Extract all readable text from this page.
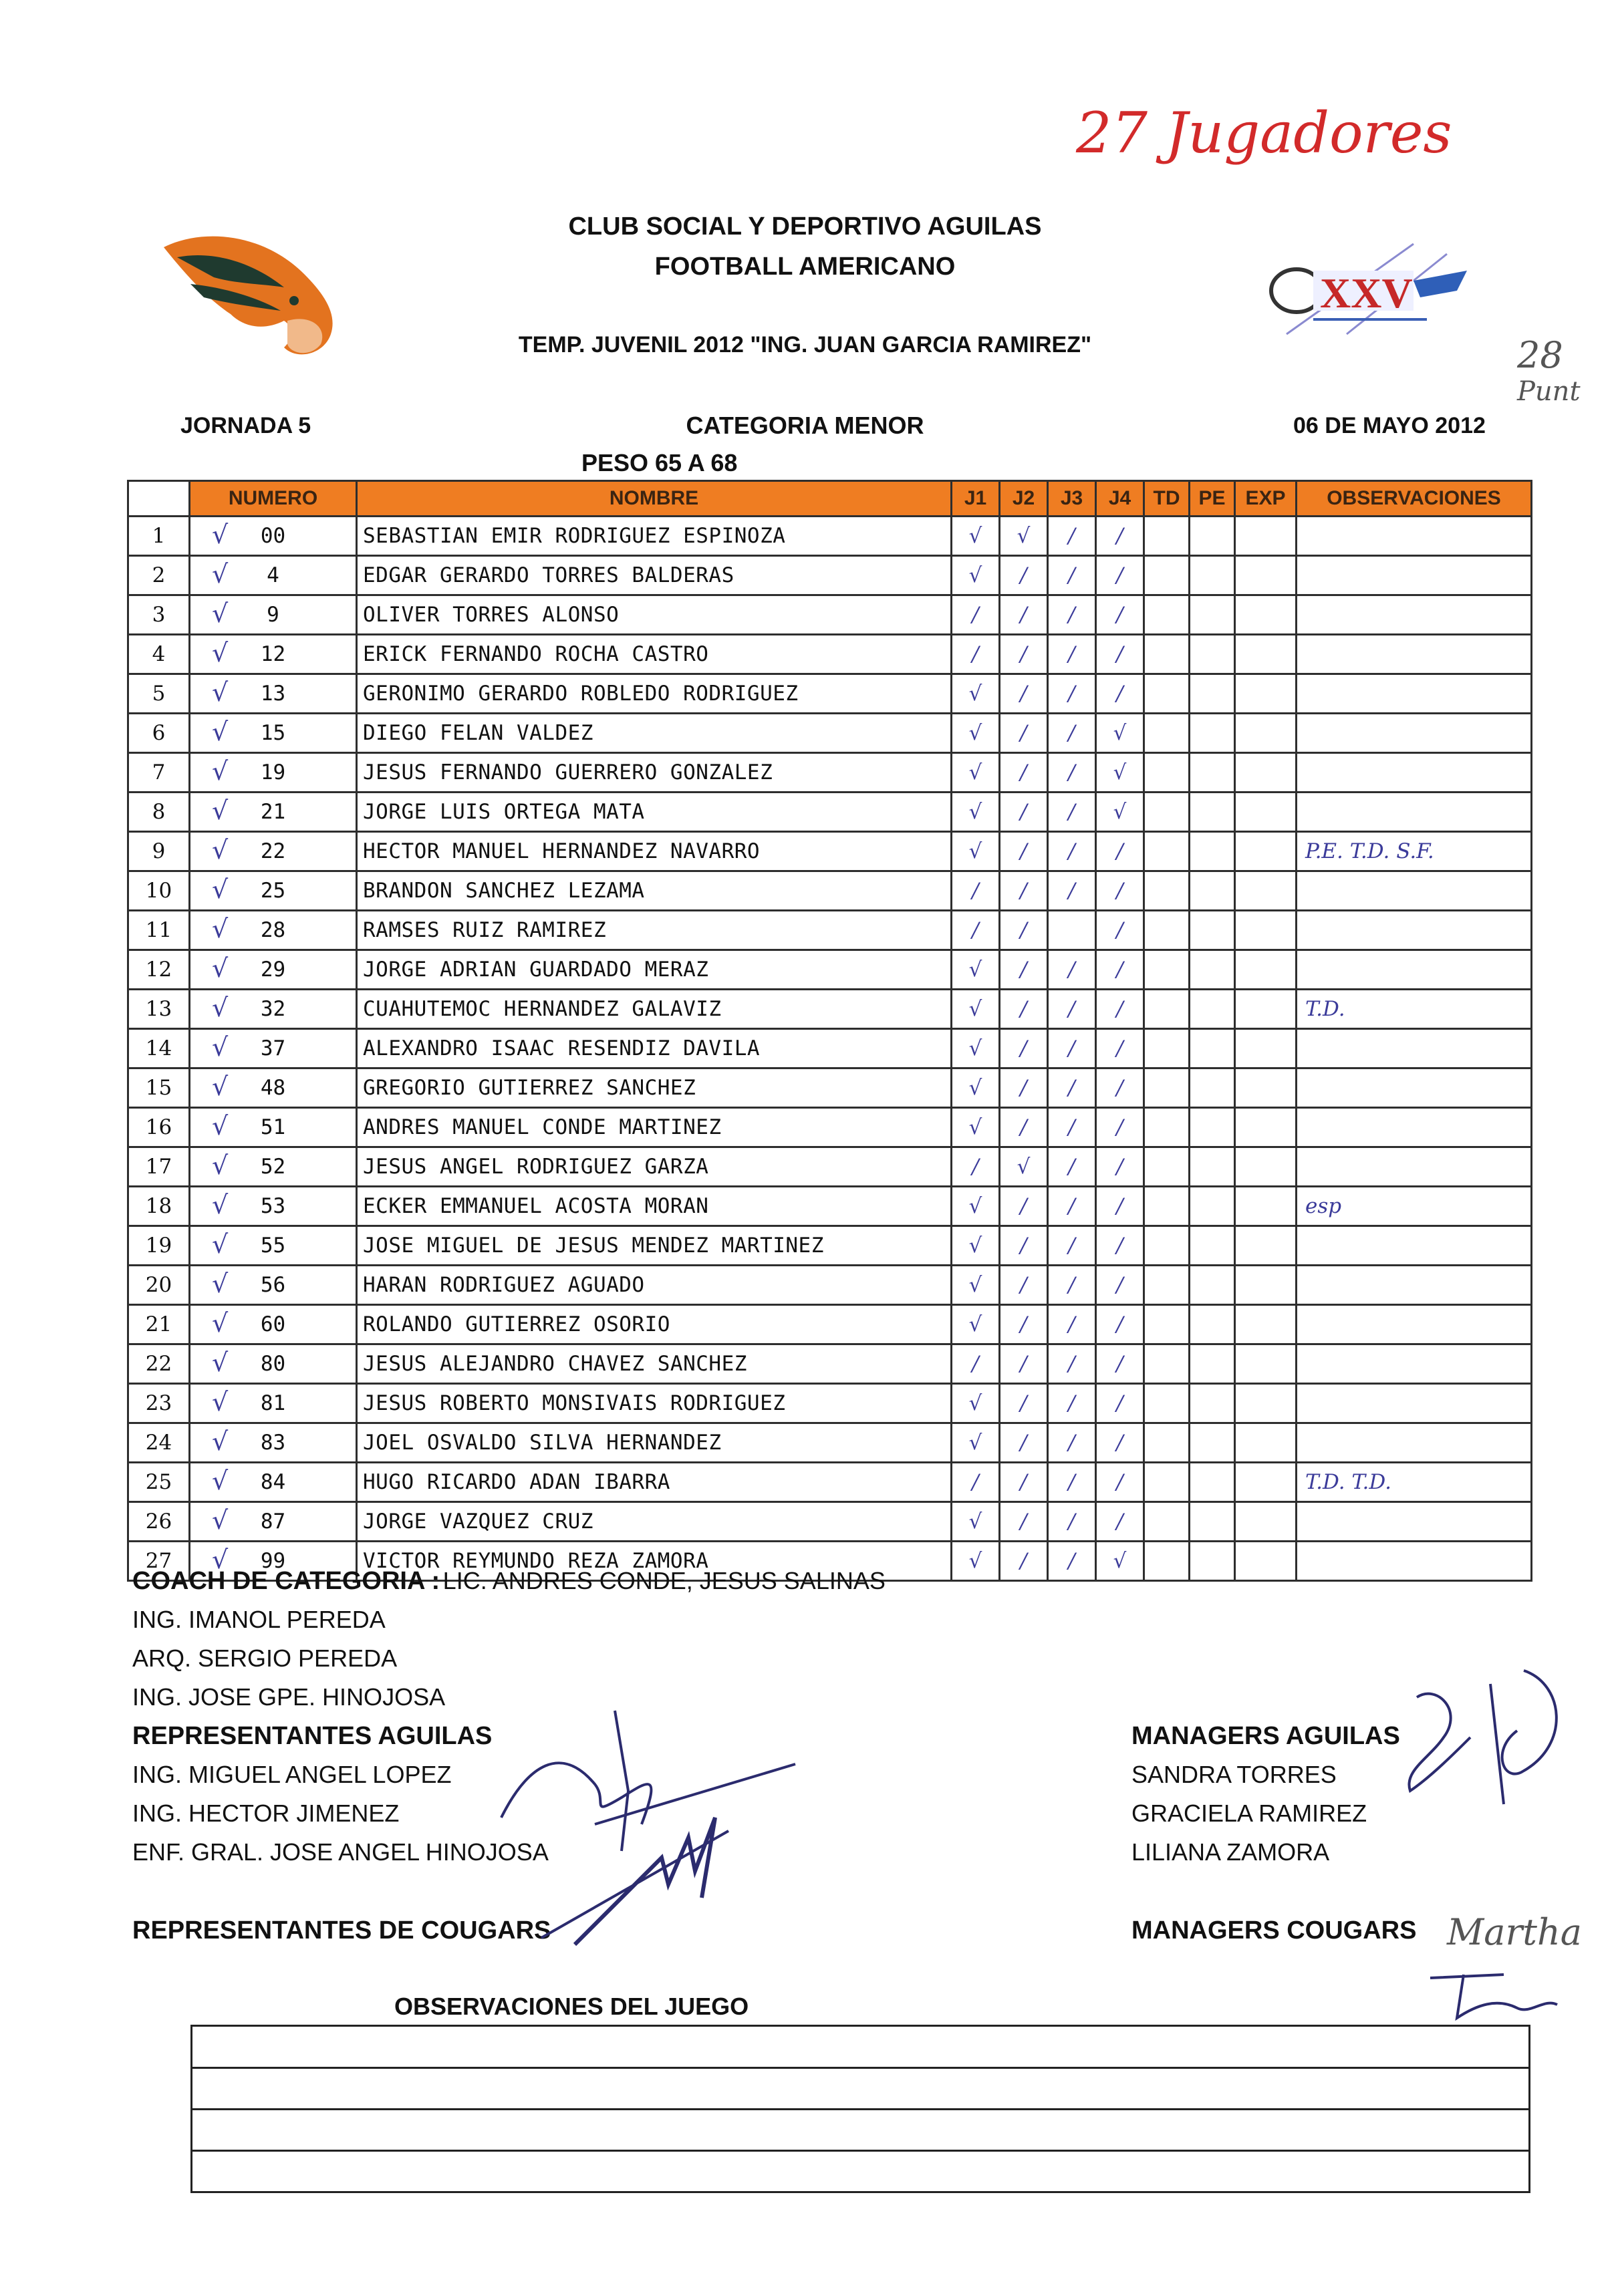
27 Jugadores
28
Punt
XXV
CLUB SOCIAL Y DEPORTIVO AGUILAS
FOOTBALL AMERICANO
TEMP. JUVENIL 2012 "ING. JUAN GARCIA RAMIREZ"
JORNADA 5	CATEGORIA MENOR	06 DE MAYO 2012
PESO 65 A 68
	NUMERO	NOMBRE	J1	J2	J3	J4	TD	PE	EXP	OBSERVACIONES
1	√ 00	SEBASTIAN EMIR RODRIGUEZ ESPINOZA	√	√	/	/				
2	√ 4	EDGAR GERARDO TORRES BALDERAS	√	/	/	/				
3	√ 9	OLIVER TORRES ALONSO	/	/	/	/				
4	√ 12	ERICK FERNANDO ROCHA CASTRO	/	/	/	/				
5	√ 13	GERONIMO GERARDO ROBLEDO RODRIGUEZ	√	/	/	/				
6	√ 15	DIEGO FELAN VALDEZ	√	/	/	√				
7	√ 19	JESUS FERNANDO GUERRERO GONZALEZ	√	/	/	√				
8	√ 21	JORGE LUIS ORTEGA MATA	√	/	/	√				
9	√ 22	HECTOR MANUEL HERNANDEZ NAVARRO	√	/	/	/				P.E. T.D. S.F.
10	√ 25	BRANDON SANCHEZ LEZAMA	/	/	/	/				
11	√ 28	RAMSES RUIZ RAMIREZ	/	/		/				
12	√ 29	JORGE ADRIAN GUARDADO MERAZ	√	/	/	/				
13	√ 32	CUAHUTEMOC HERNANDEZ GALAVIZ	√	/	/	/				T.D.
14	√ 37	ALEXANDRO ISAAC RESENDIZ DAVILA	√	/	/	/				
15	√ 48	GREGORIO GUTIERREZ SANCHEZ	√	/	/	/				
16	√ 51	ANDRES MANUEL CONDE MARTINEZ	√	/	/	/				
17	√ 52	JESUS ANGEL RODRIGUEZ GARZA	/	√	/	/				
18	√ 53	ECKER EMMANUEL ACOSTA MORAN	√	/	/	/				esp
19	√ 55	JOSE MIGUEL DE JESUS MENDEZ MARTINEZ	√	/	/	/				
20	√ 56	HARAN RODRIGUEZ AGUADO	√	/	/	/				
21	√ 60	ROLANDO GUTIERREZ OSORIO	√	/	/	/				
22	√ 80	JESUS ALEJANDRO CHAVEZ SANCHEZ	/	/	/	/				
23	√ 81	JESUS ROBERTO MONSIVAIS RODRIGUEZ	√	/	/	/				
24	√ 83	JOEL OSVALDO SILVA HERNANDEZ	√	/	/	/				
25	√ 84	HUGO RICARDO ADAN IBARRA	/	/	/	/				T.D. T.D.
26	√ 87	JORGE VAZQUEZ CRUZ	√	/	/	/				
27	√ 99	VICTOR REYMUNDO REZA ZAMORA	√	/	/	√				
COACH DE CATEGORIA : LIC. ANDRES CONDE, JESUS SALINAS
ING. IMANOL PEREDA
ARQ. SERGIO PEREDA
ING. JOSE GPE. HINOJOSA
REPRESENTANTES AGUILAS
ING. MIGUEL ANGEL LOPEZ
ING. HECTOR JIMENEZ
ENF. GRAL. JOSE ANGEL HINOJOSA
MANAGERS AGUILAS
SANDRA TORRES
GRACIELA RAMIREZ
LILIANA ZAMORA
REPRESENTANTES DE COUGARS	MANAGERS COUGARS Martha
OBSERVACIONES DEL JUEGO
